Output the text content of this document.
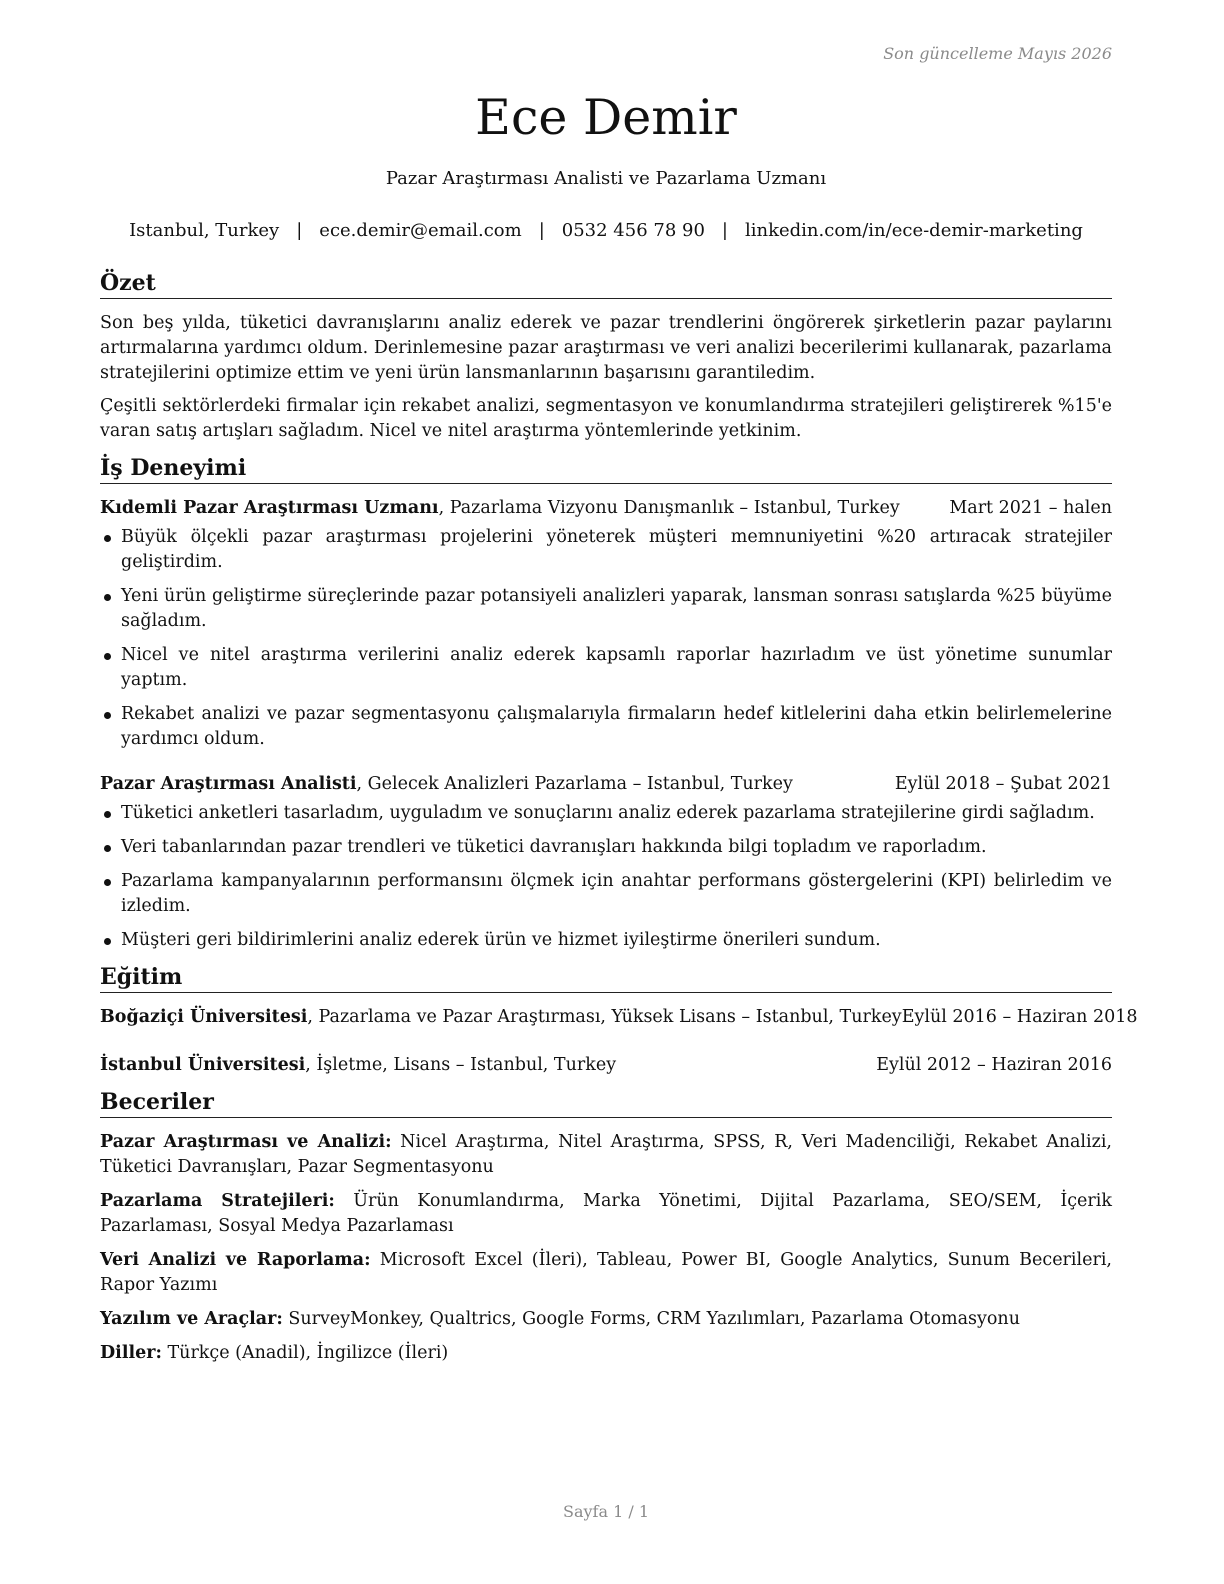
Son güncelleme Mayıs 2026
Ece Demir
Pazar Araştırması Analisti ve Pazarlama Uzmanı
Istanbul, Turkey | ece.demir@email.com | 0532 456 78 90 | linkedin.com/in/ece-demir-marketing
Özet

Son beş yılda, tüketici davranışlarını analiz ederek ve pazar trendlerini öngörerek şirketlerin pazar paylarını artırmalarına yardımcı oldum. Derinlemesine pazar araştırması ve veri analizi becerilerimi kullanarak, pazarlama stratejilerini optimize ettim ve yeni ürün lansmanlarının başarısını garantiledim.

Çeşitli sektörlerdeki firmalar için rekabet analizi, segmentasyon ve konumlandırma stratejileri geliştirerek %15'e varan satış artışları sağladım. Nicel ve nitel araştırma yöntemlerinde yetkinim.

İş Deneyimi
Kıdemli Pazar Araştırması Uzmanı, Pazarlama Vizyonu Danışmanlık – Istanbul, Turkey	Mart 2021 – halen
Büyük ölçekli pazar araştırması projelerini yöneterek müşteri memnuniyetini %20 artıracak stratejiler geliştirdim.
Yeni ürün geliştirme süreçlerinde pazar potansiyeli analizleri yaparak, lansman sonrası satışlarda %25 büyüme sağladım.
Nicel ve nitel araştırma verilerini analiz ederek kapsamlı raporlar hazırladım ve üst yönetime sunumlar yaptım.
Rekabet analizi ve pazar segmentasyonu çalışmalarıyla firmaların hedef kitlelerini daha etkin belirlemelerine yardımcı oldum.
Pazar Araştırması Analisti, Gelecek Analizleri Pazarlama – Istanbul, Turkey	Eylül 2018 – Şubat 2021
Tüketici anketleri tasarladım, uyguladım ve sonuçlarını analiz ederek pazarlama stratejilerine girdi sağladım.
Veri tabanlarından pazar trendleri ve tüketici davranışları hakkında bilgi topladım ve raporladım.
Pazarlama kampanyalarının performansını ölçmek için anahtar performans göstergelerini (KPI) belirledim ve izledim.
Müşteri geri bildirimlerini analiz ederek ürün ve hizmet iyileştirme önerileri sundum.
Eğitim
Boğaziçi Üniversitesi, Pazarlama ve Pazar Araştırması, Yüksek Lisans – Istanbul, Turkey Eylül 2016 – Haziran 2018
İstanbul Üniversitesi, İşletme, Lisans – Istanbul, Turkey	Eylül 2012 – Haziran 2016
Beceriler

Pazar Araştırması ve Analizi: Nicel Araştırma, Nitel Araştırma, SPSS, R, Veri Madenciliği, Rekabet Analizi, Tüketici Davranışları, Pazar Segmentasyonu

Pazarlama Stratejileri: Ürün Konumlandırma, Marka Yönetimi, Dijital Pazarlama, SEO/SEM, İçerik Pazarlaması, Sosyal Medya Pazarlaması

Veri Analizi ve Raporlama: Microsoft Excel (İleri), Tableau, Power BI, Google Analytics, Sunum Becerileri, Rapor Yazımı

Yazılım ve Araçlar: SurveyMonkey, Qualtrics, Google Forms, CRM Yazılımları, Pazarlama Otomasyonu

Diller: Türkçe (Anadil), İngilizce (İleri)

Sayfa 1 / 1
